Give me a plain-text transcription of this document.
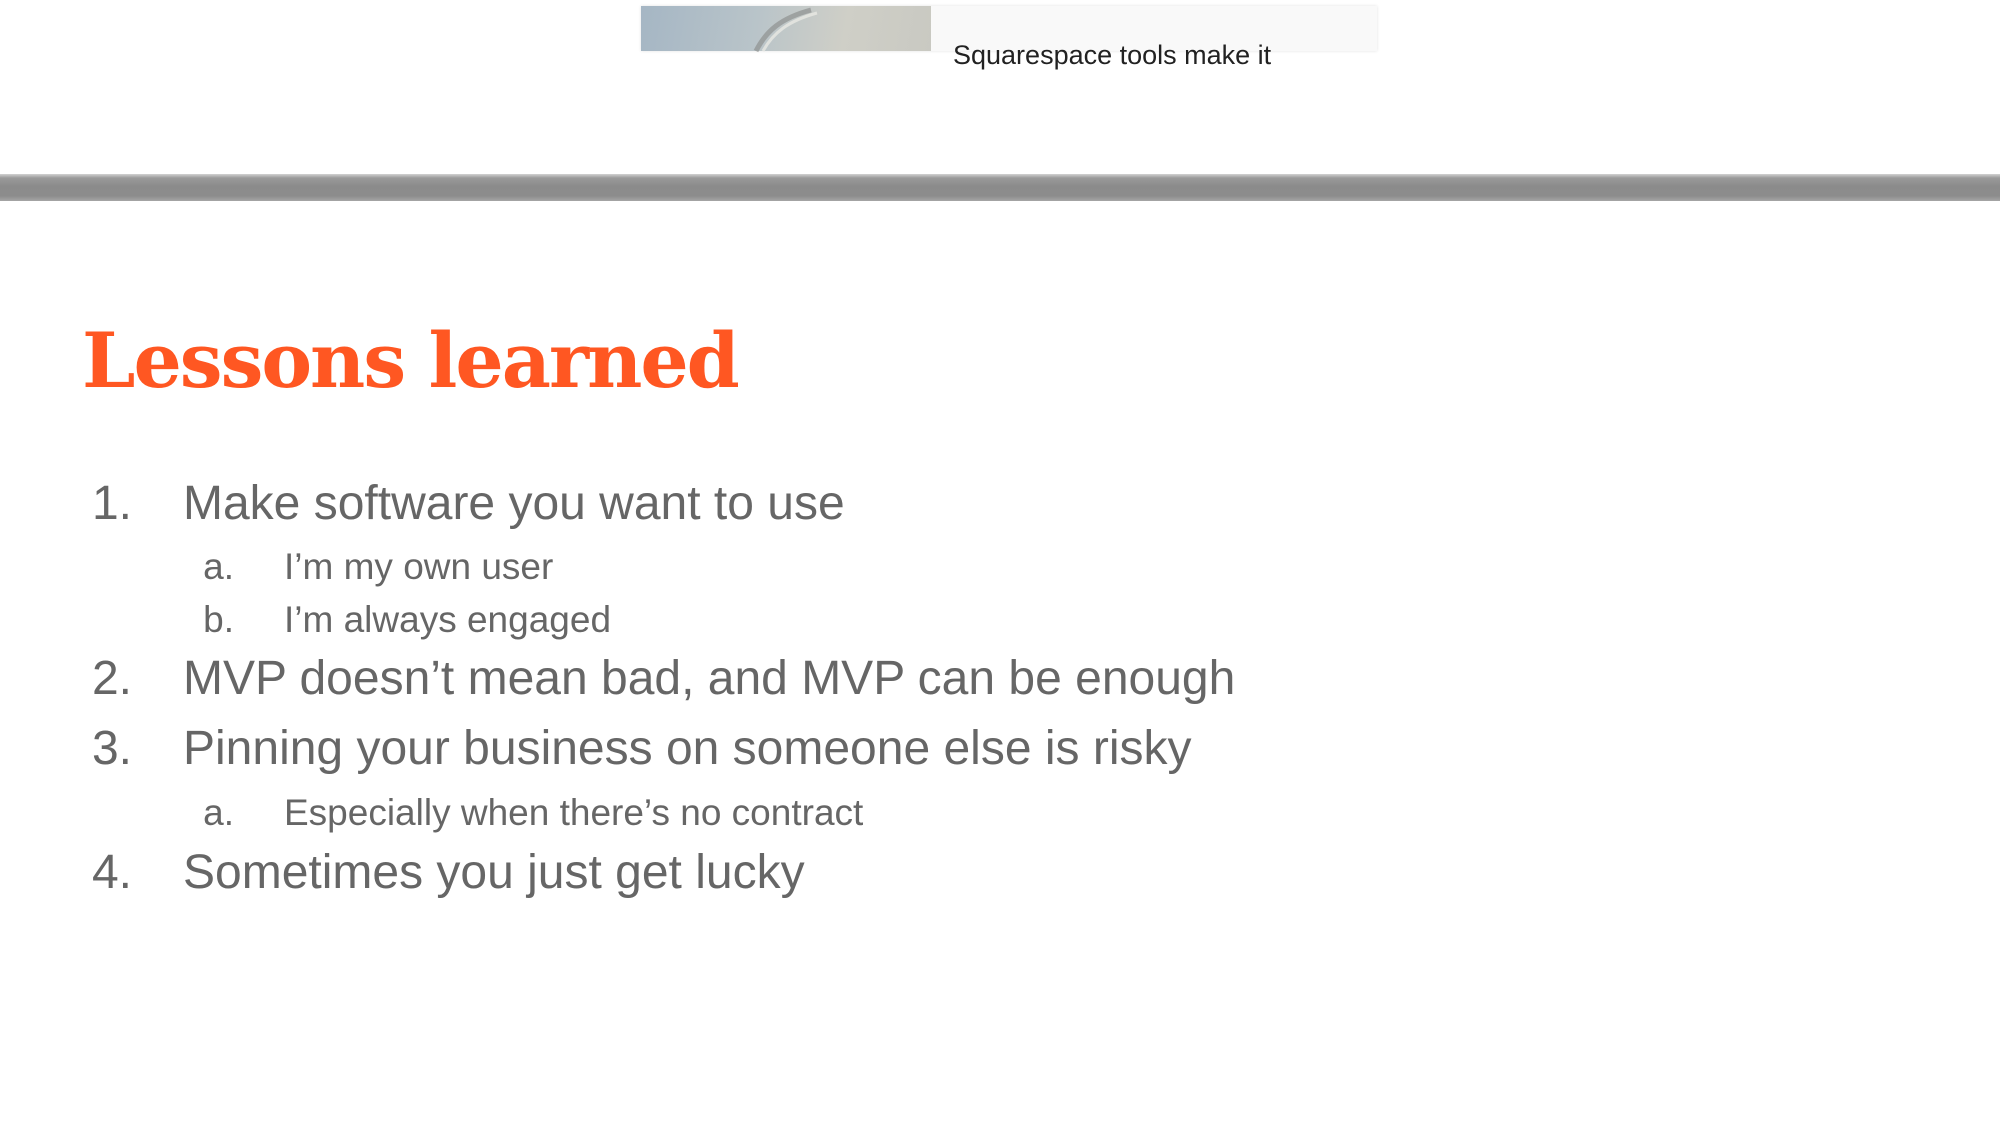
Squarespace tools make it
Lessons learned
1. Make software you want to use
a. I’m my own user
b. I’m always engaged
2. MVP doesn’t mean bad, and MVP can be enough
3. Pinning your business on someone else is risky
a. Especially when there’s no contract
4. Sometimes you just get lucky
